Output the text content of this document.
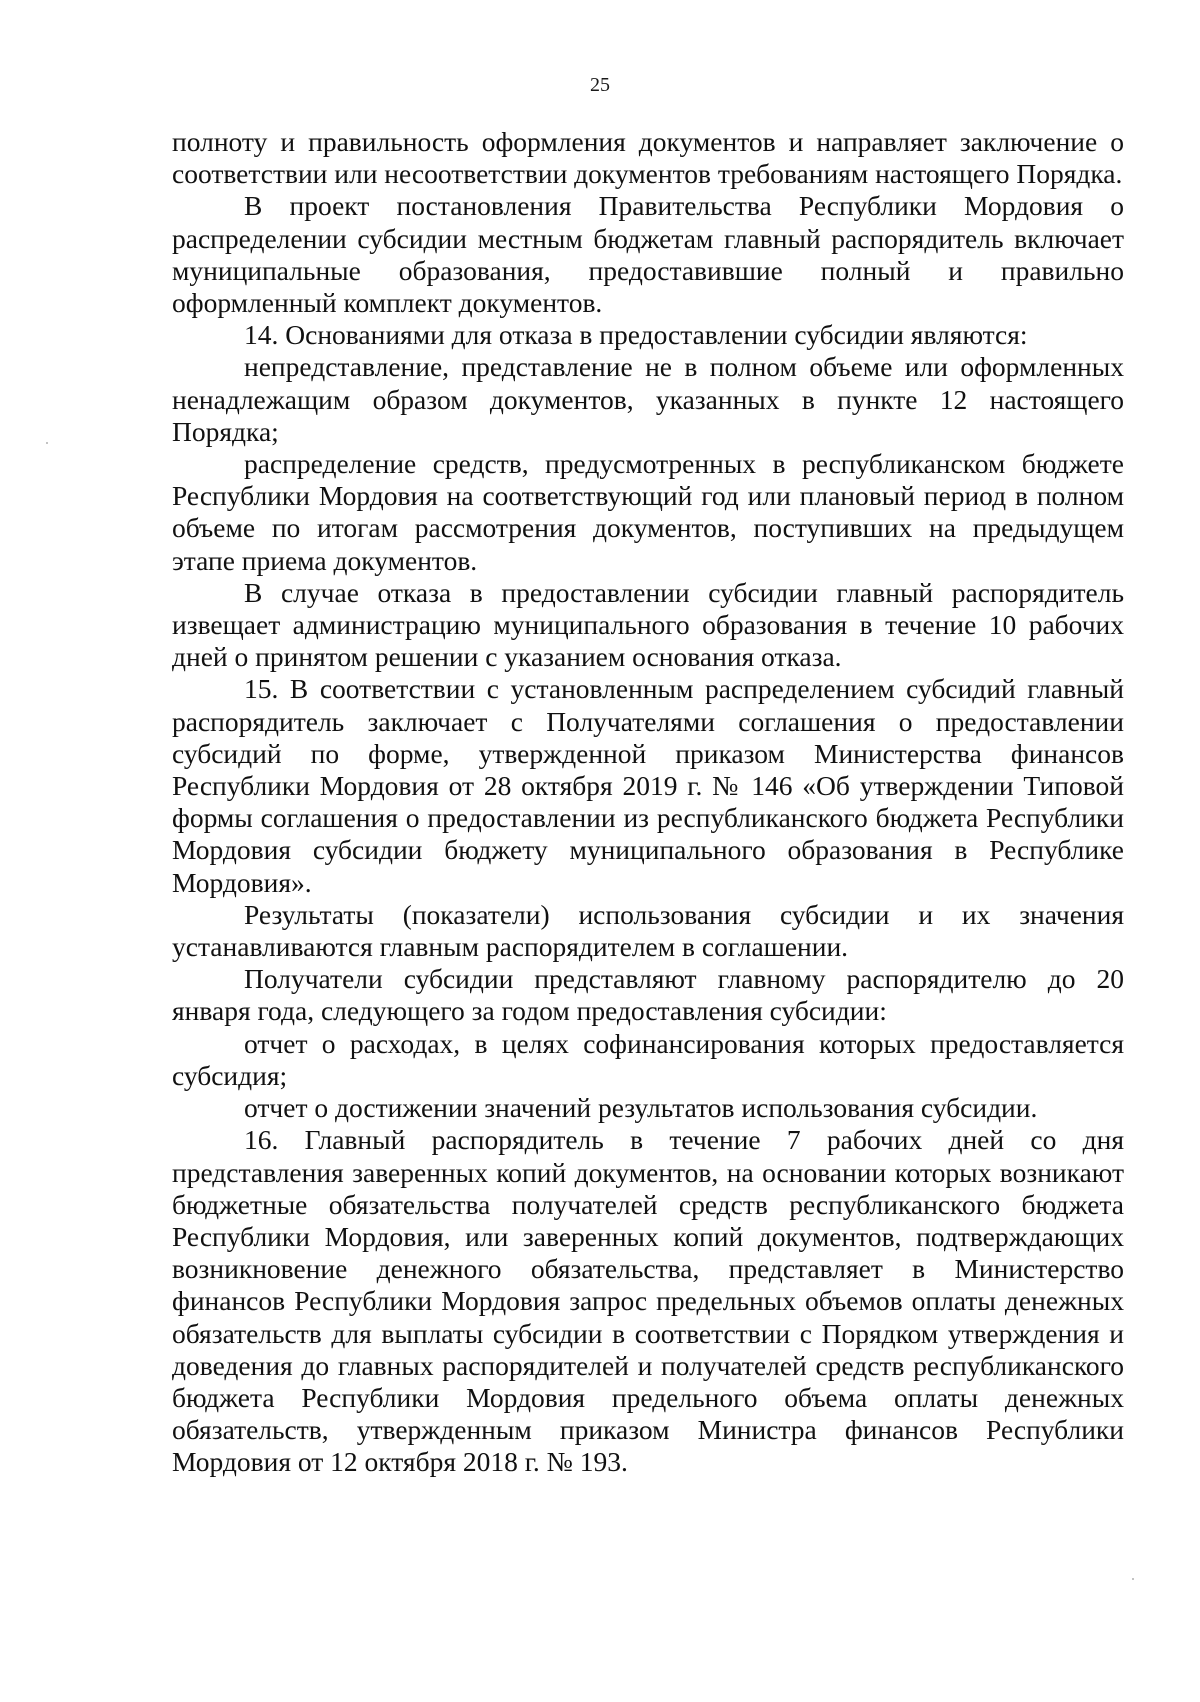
25

полноту и правильность оформления документов и направляет заключение о соответствии или несоответствии документов требованиям настоящего Порядка.

В проект постановления Правительства Республики Мордовия о распределении субсидии местным бюджетам главный распорядитель включает муниципальные образования, предоставившие полный и правильно оформленный комплект документов.

14. Основаниями для отказа в предоставлении субсидии являются:

непредставление, представление не в полном объеме или оформленных ненадлежащим образом документов, указанных в пункте 12 настоящего Порядка;

распределение средств, предусмотренных в республиканском бюджете Республики Мордовия на соответствующий год или плановый период в полном объеме по итогам рассмотрения документов, поступивших на предыдущем этапе приема документов.

В случае отказа в предоставлении субсидии главный распорядитель извещает администрацию муниципального образования в течение 10 рабочих дней о принятом решении с указанием основания отказа.

15. В соответствии с установленным распределением субсидий главный распорядитель заключает с Получателями соглашения о предоставлении субсидий по форме, утвержденной приказом Министерства финансов Республики Мордовия от 28 октября 2019 г. № 146 «Об утверждении Типовой формы соглашения о предоставлении из республиканского бюджета Республики Мордовия субсидии бюджету муниципального образования в Республике Мордовия».

Результаты (показатели) использования субсидии и их значения устанавливаются главным распорядителем в соглашении.

Получатели субсидии представляют главному распорядителю до 20 января года, следующего за годом предоставления субсидии:

отчет о расходах, в целях софинансирования которых предоставляется субсидия;

отчет о достижении значений результатов использования субсидии.

16. Главный распорядитель в течение 7 рабочих дней со дня представления заверенных копий документов, на основании которых возникают бюджетные обязательства получателей средств республиканского бюджета Республики Мордовия, или заверенных копий документов, подтверждающих возникновение денежного обязательства, представляет в Министерство финансов Республики Мордовия запрос предельных объемов оплаты денежных обязательств для выплаты субсидии в соответствии с Порядком утверждения и доведения до главных распорядителей и получателей средств республиканского бюджета Республики Мордовия предельного объема оплаты денежных обязательств, утвержденным приказом Министра финансов Республики Мордовия от 12 октября 2018 г. № 193.
